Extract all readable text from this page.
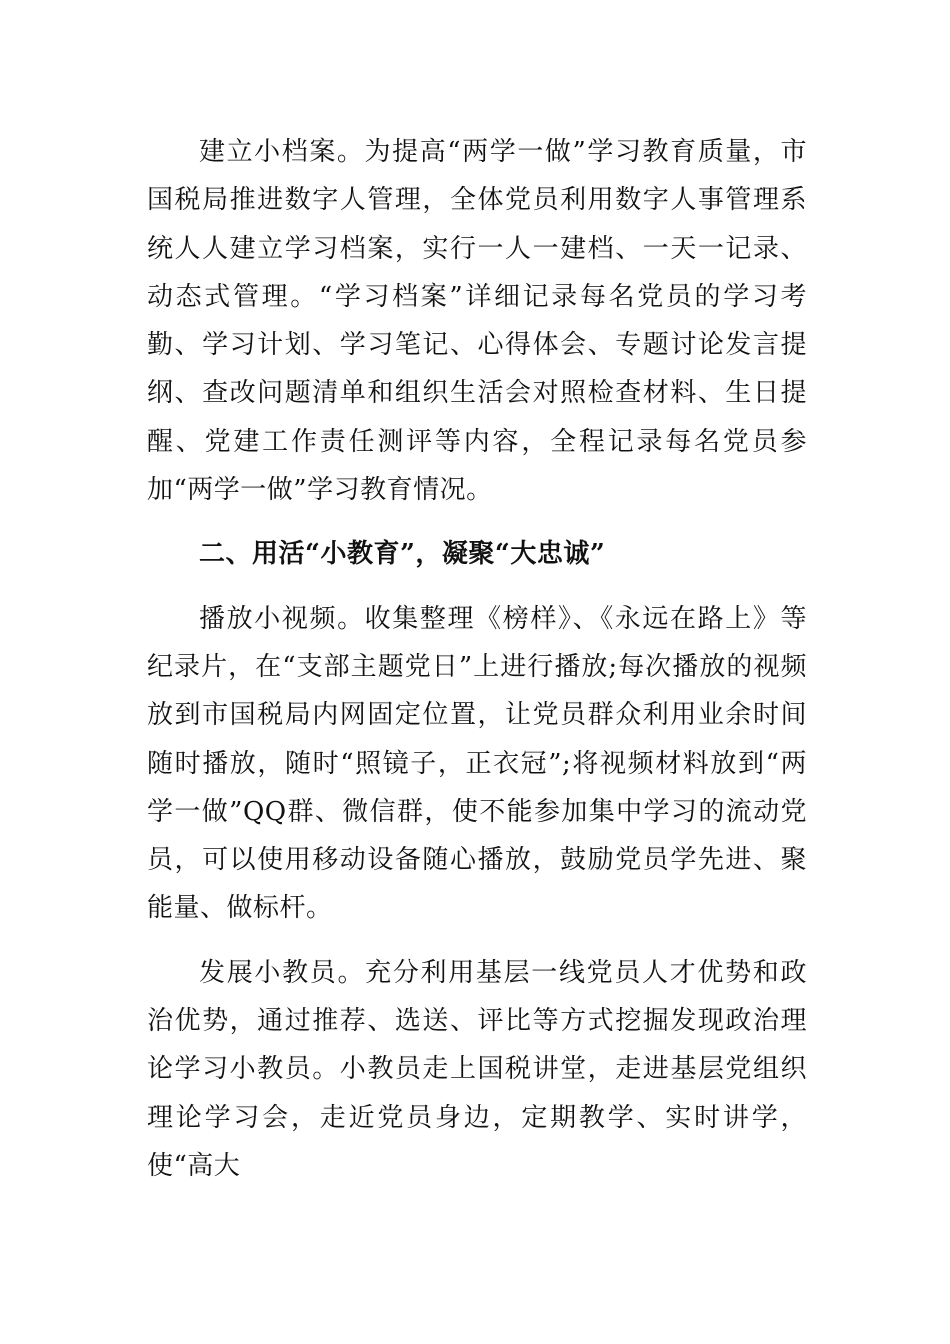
建立小档案。为提高“两学一做”学习教育质量，市国税局推进数字人管理，全体党员利用数字人事管理系统人人建立学习档案，实行一人一建档、一天一记录、动态式管理。“学习档案”详细记录每名党员的学习考勤、学习计划、学习笔记、心得体会、专题讨论发言提纲、查改问题清单和组织生活会对照检查材料、生日提醒、党建工作责任测评等内容，全程记录每名党员参加“两学一做”学习教育情况。

二、用活“小教育”，凝聚“大忠诚”

播放小视频。收集整理《榜样》、《永远在路上》等纪录片，在“支部主题党日”上进行播放;每次播放的视频放到市国税局内网固定位置，让党员群众利用业余时间随时播放，随时“照镜子，正衣冠”;将视频材料放到“两学一做”QQ群、微信群，使不能参加集中学习的流动党员，可以使用移动设备随心播放，鼓励党员学先进、聚能量、做标杆。

发展小教员。充分利用基层一线党员人才优势和政治优势，通过推荐、选送、评比等方式挖掘发现政治理论学习小教员。小教员走上国税讲堂，走进基层党组织理论学习会，走近党员身边，定期教学、实时讲学，使“高大
